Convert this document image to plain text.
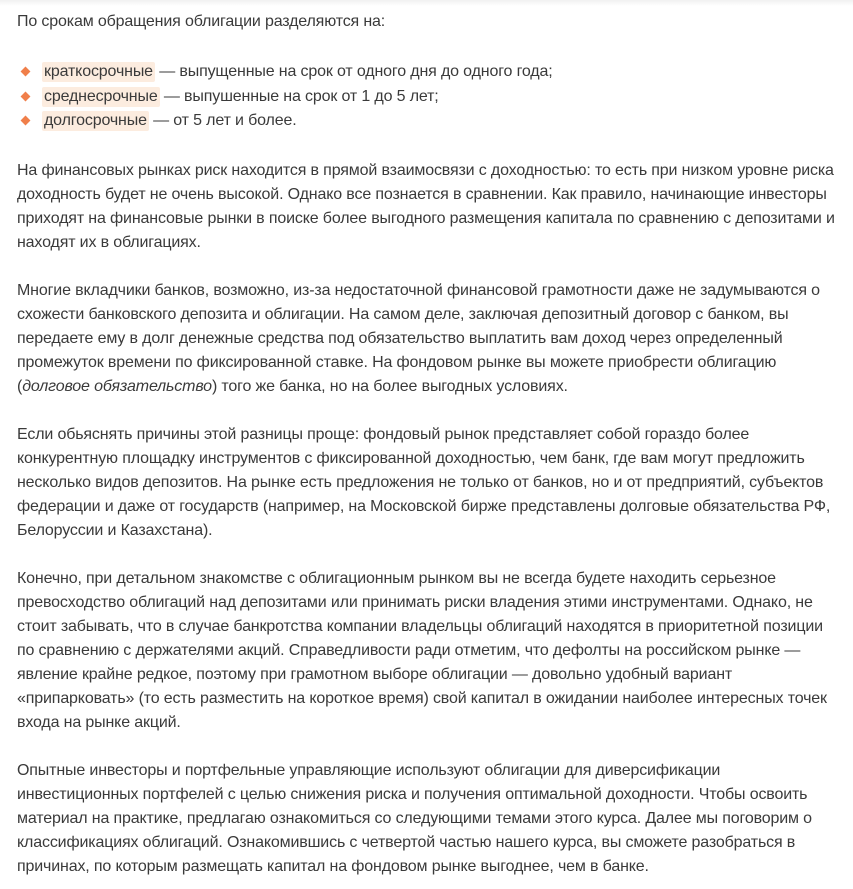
По срокам обращения облигации разделяются на:

краткосрочные — выпущенные на срок от одного дня до одного года;
среднесрочные — выпушенные на срок от 1 до 5 лет;
долгосрочные — от 5 лет и более.

На финансовых рынках риск находится в прямой взаимосвязи с доходностью: то есть при низком уровне риска доходность будет не очень высокой. Однако все познается в сравнении. Как правило, начинающие инвесторы приходят на финансовые рынки в поиске более выгодного размещения капитала по сравнению с депозитами и находят их в облигациях.

Многие вкладчики банков, возможно, из-за недостаточной финансовой грамотности даже не задумываются о схожести банковского депозита и облигации. На самом деле, заключая депозитный договор с банком, вы передаете ему в долг денежные средства под обязательство выплатить вам доход через определенный промежуток времени по фиксированной ставке. На фондовом рынке вы можете приобрести облигацию (долговое обязательство) того же банка, но на более выгодных условиях.

Если обьяснять причины этой разницы проще: фондовый рынок представляет собой гораздо более конкурентную площадку инструментов с фиксированной доходностью, чем банк, где вам могут предложить несколько видов депозитов. На рынке есть предложения не только от банков, но и от предприятий, субъектов федерации и даже от государств (например, на Московской бирже представлены долговые обязательства РФ, Белоруссии и Казахстана).

Конечно, при детальном знакомстве с облигационным рынком вы не всегда будете находить серьезное превосходство облигаций над депозитами или принимать риски владения этими инструментами. Однако, не стоит забывать, что в случае банкротства компании владельцы облигаций находятся в приоритетной позиции по сравнению с держателями акций. Справедливости ради отметим, что дефолты на российском рынке — явление крайне редкое, поэтому при грамотном выборе облигации — довольно удобный вариант «припарковать» (то есть разместить на короткое время) свой капитал в ожидании наиболее интересных точек входа на рынке акций.

Опытные инвесторы и портфельные управляющие используют облигации для диверсификации инвестиционных портфелей с целью снижения риска и получения оптимальной доходности. Чтобы освоить материал на практике, предлагаю ознакомиться со следующими темами этого курса. Далее мы поговорим о классификациях облигаций. Ознакомившись с четвертой частью нашего курса, вы сможете разобраться в причинах, по которым размещать капитал на фондовом рынке выгоднее, чем в банке.
